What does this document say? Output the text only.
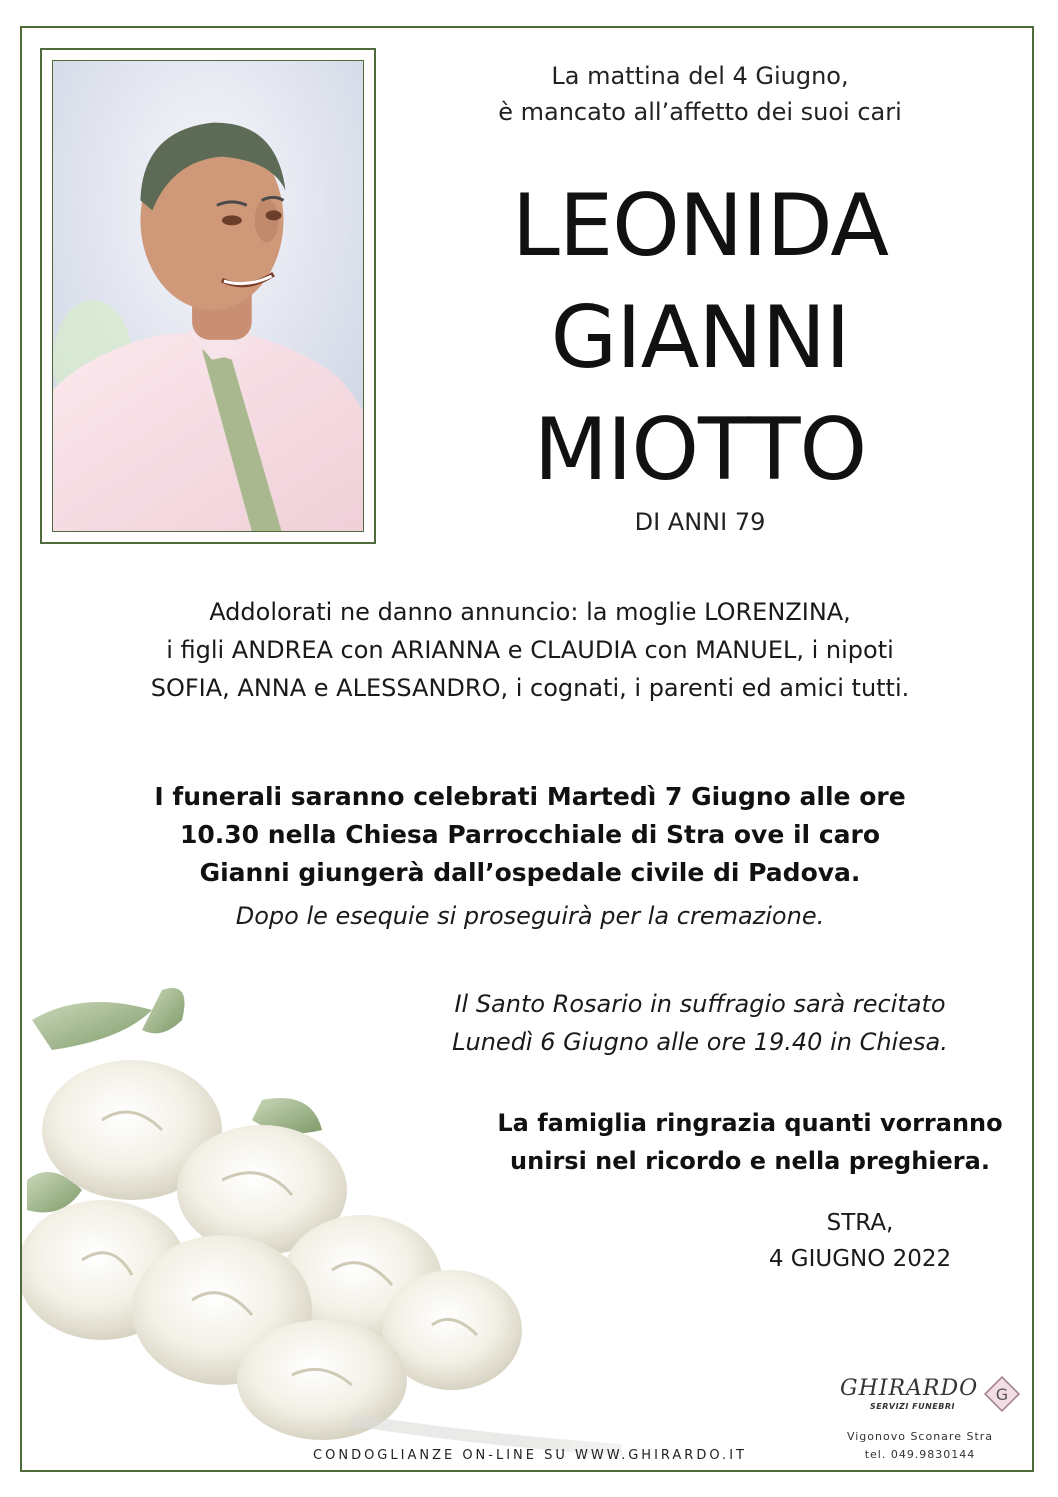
La mattina del 4 Giugno,
è mancato all’affetto dei suoi cari
LEONIDA
GIANNI
MIOTTO
DI ANNI 79
Addolorati ne danno annuncio: la moglie LORENZINA,
i figli ANDREA con ARIANNA e CLAUDIA con MANUEL, i nipoti
SOFIA, ANNA e ALESSANDRO, i cognati, i parenti ed amici tutti.
I funerali saranno celebrati Martedì 7 Giugno alle ore
10.30 nella Chiesa Parrocchiale di Stra ove il caro
Gianni giungerà dall’ospedale civile di Padova.
Dopo le esequie si proseguirà per la cremazione.
Il Santo Rosario in suffragio sarà recitato
Lunedì 6 Giugno alle ore 19.40 in Chiesa.
La famiglia ringrazia quanti vorranno
unirsi nel ricordo e nella preghiera.
STRA,
4 GIUGNO 2022
CONDOGLIANZE ON-LINE SU WWW.GHIRARDO.IT
GHIRARDO
SERVIZI FUNEBRI
G
Vigonovo Sconare Stra
tel. 049.9830144
